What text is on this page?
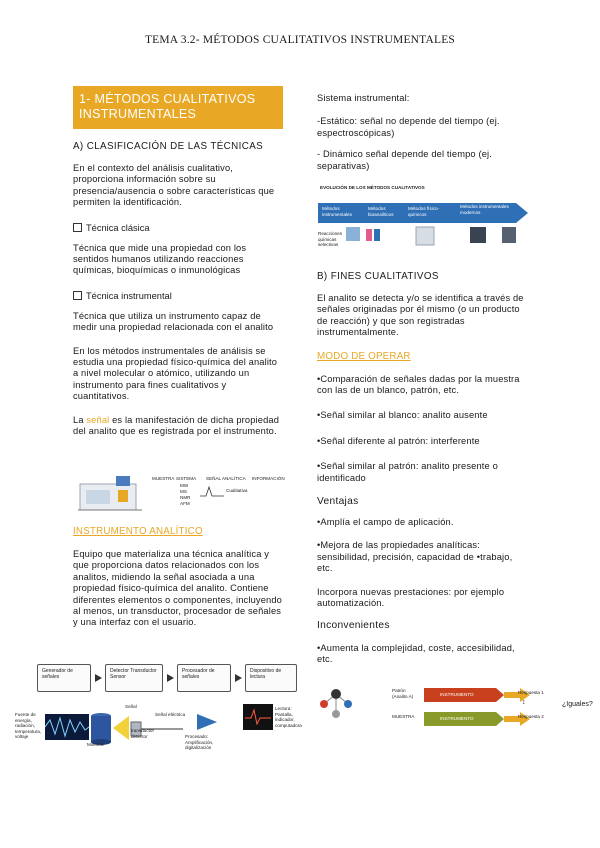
TEMA 3.2- MÉTODOS CUALITATIVOS INSTRUMENTALES
1- MÉTODOS CUALITATIVOS INSTRUMENTALES
A) CLASIFICACIÓN DE LAS TÉCNICAS

En el contexto del análisis cualitativo, proporciona información sobre su presencia/ausencia o sobre características que permiten la identificación.

Técnica clásica

Técnica que mide una propiedad con los sentidos humanos utilizando reacciones químicas, bioquímicas o inmunológicas

Técnica instrumental

Técnica que utiliza un instrumento capaz de medir una propiedad relacionada con el analito

En los métodos instrumentales de análisis se estudia una propiedad físico-química del analito a nivel molecular o atómico, utilizando un instrumento para fines cualitativos y cuantitativos.

La señal es la manifestación de dicha propiedad del analito que es registrada por el instrumento.

MUESTRA SISTEMA	SEÑAL ANALÍTICA	INFORMACIÓN
MW
MS
NMR
AFM
Cualitativa
INSTRUMENTO ANALÍTICO

Equipo que materializa una técnica analítica y que proporciona datos relacionados con los analitos, midiendo la señal asociada a una propiedad físico-química del analito. Contiene diferentes elementos o componentes, incluyendo al menos, un transductor, procesador de señales y una interfaz con el usuario.

Sistema instrumental:

-Estático: señal no depende del tiempo (ej. espectroscópicas)

- Dinámico señal depende del tiempo (ej. separativas)

EVOLUCIÓN DE LOS MÉTODOS CUALITATIVOS
Métodos instrumentales
Métodos bioanalíticos
Métodos físico-químicos
Métodos instrumentales modernos
Reacciones químicas selectivas
B) FINES CUALITATIVOS

El analito se detecta y/o se identifica a través de señales originadas por él mismo (o un producto de reacción) y que son registradas instrumentalmente.

MODO DE OPERAR

•Comparación de señales dadas por la muestra con las de un blanco, patrón, etc.

•Señal similar al blanco: analito ausente

•Señal diferente al patrón: interferente

•Señal similar al patrón: analito presente o identificado

Ventajas

•Amplía el campo de aplicación.

•Mejora de las propiedades analíticas: sensibilidad, precisión, capacidad de •trabajo, etc.

Incorpora nuevas prestaciones: por ejemplo automatización.

Inconvenientes

•Aumenta la complejidad, coste, accesibilidad, etc.

Generador de señales
Detector Transductor Sensor
Procesador de señales
Dispositivo de lectura
Fuente de energía, radiación, temperatura, voltaje
Señal
Señal eléctrica
Muestra
transductor
detector	Procesado: Amplificación, digitalización
Lectura: Pantalla, indicador, computadora
Patrón (Analito A)
MUESTRA
INSTRUMENTO
INSTRUMENTO
Respuesta 1
↕
Respuesta 2
¿Iguales?
